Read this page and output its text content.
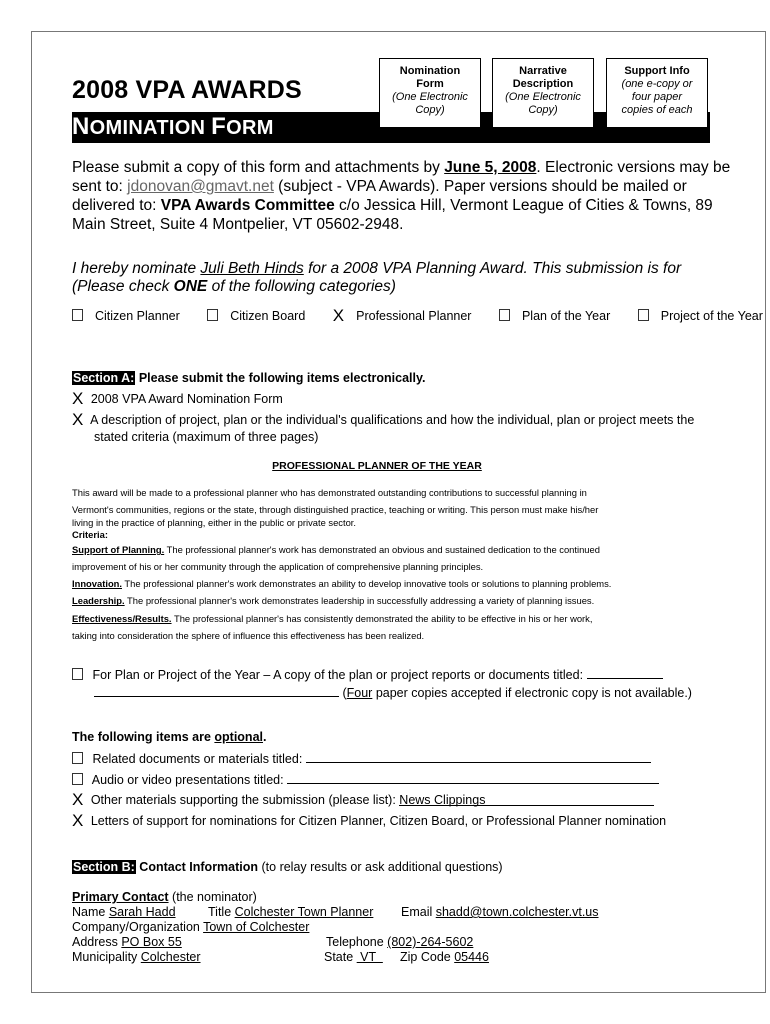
2008 VPA AWARDS
NOMINATION FORM
Nomination
Form
(One Electronic
Copy)
Narrative
Description
(One Electronic
Copy)
Support Info
(one e-copy or
four paper
copies of each
Please submit a copy of this form and attachments by June 5, 2008. Electronic versions may be sent to: jdonovan@gmavt.net (subject - VPA Awards). Paper versions should be mailed or delivered to: VPA Awards Committee c/o Jessica Hill, Vermont League of Cities & Towns, 89 Main Street, Suite 4 Montpelier, VT 05602-2948.
I hereby nominate Juli Beth Hinds for a 2008 VPA Planning Award. This submission is for (Please check ONE of the following categories)
Citizen Planner	Citizen Board X Professional Planner	Plan of the Year	Project of the Year
Section A: Please submit the following items electronically.
X 2008 VPA Award Nomination Form
X A description of project, plan or the individual's qualifications and how the individual, plan or project meets the
stated criteria (maximum of three pages)
PROFESSIONAL PLANNER OF THE YEAR
This award will be made to a professional planner who has demonstrated outstanding contributions to successful planning in
Vermont's communities, regions or the state, through distinguished practice, teaching or writing. This person must make his/her
living in the practice of planning, either in the public or private sector.
Criteria:
Support of Planning. The professional planner's work has demonstrated an obvious and sustained dedication to the continued
improvement of his or her community through the application of comprehensive planning principles.
Innovation. The professional planner's work demonstrates an ability to develop innovative tools or solutions to planning problems.
Leadership. The professional planner's work demonstrates leadership in successfully addressing a variety of planning issues.
Effectiveness/Results. The professional planner's has consistently demonstrated the ability to be effective in his or her work,
taking into consideration the sphere of influence this effectiveness has been realized.
For Plan or Project of the Year – A copy of the plan or project reports or documents titled:
(Four paper copies accepted if electronic copy is not available.)
The following items are optional.
Related documents or materials titled:
Audio or video presentations titled:
X Other materials supporting the submission (please list): News Clippings
X Letters of support for nominations for Citizen Planner, Citizen Board, or Professional Planner nomination
Section B: Contact Information (to relay results or ask additional questions)
Primary Contact (the nominator)
Name Sarah Hadd	Title Colchester Town Planner Email shadd@town.colchester.vt.us
Company/Organization Town of Colchester
Address PO Box 55	Telephone (802)-264-5602
Municipality Colchester	State  VT Zip Code 05446
